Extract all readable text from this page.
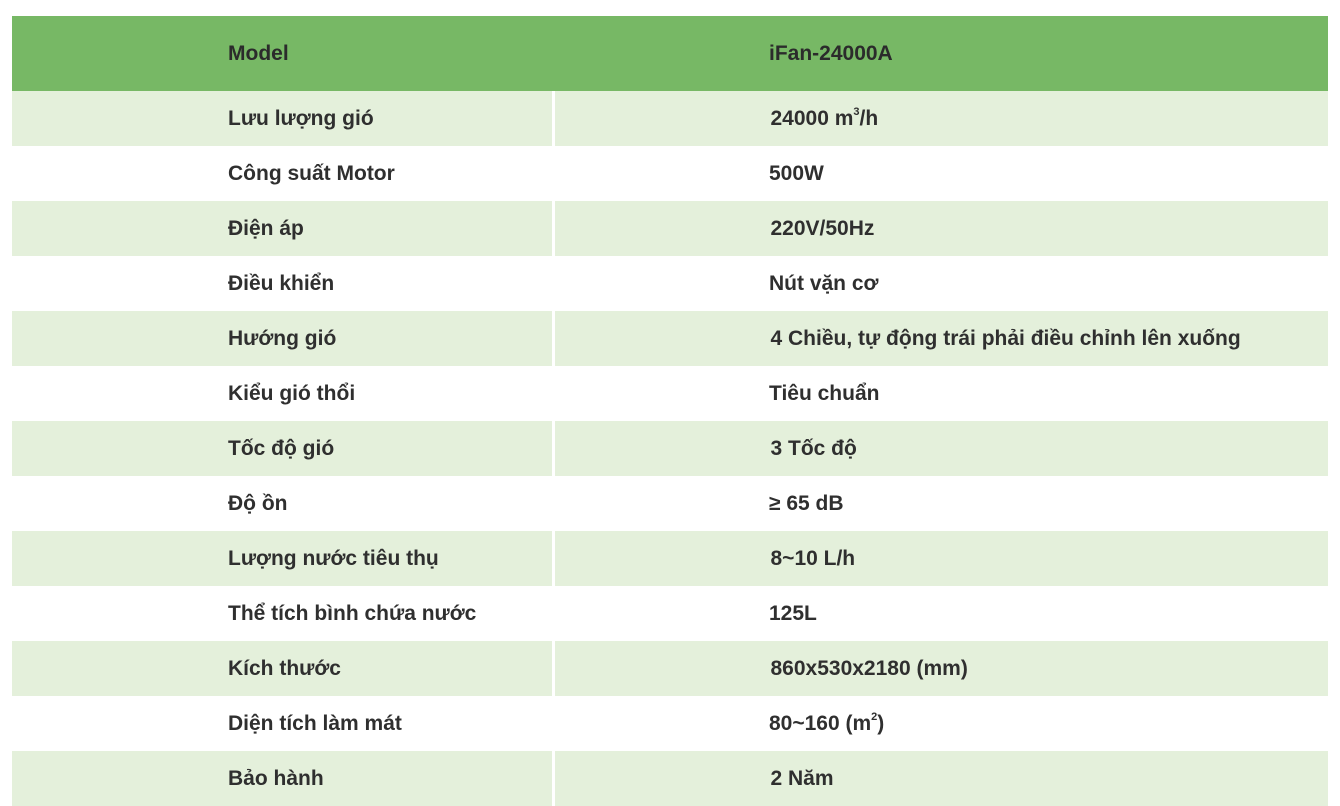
Model	iFan-24000A
Lưu lượng gió	24000 $m^3/h$
Công suất Motor	500W
Điện áp	220V/50Hz
Điều khiển	Nút vặn cơ
Hướng gió	4 Chiều, tự động trái phải điều chỉnh lên xuống
Kiểu gió thổi	Tiêu chuẩn
Tốc độ gió	3 Tốc độ
Độ ồn	≥ 65 dB
Lượng nước tiêu thụ	8~10 L/h
Thể tích bình chứa nước	125L
Kích thước	860x530x2180 (mm)
Diện tích làm mát	80~160 $(m^2)$
Bảo hành	2 Năm
